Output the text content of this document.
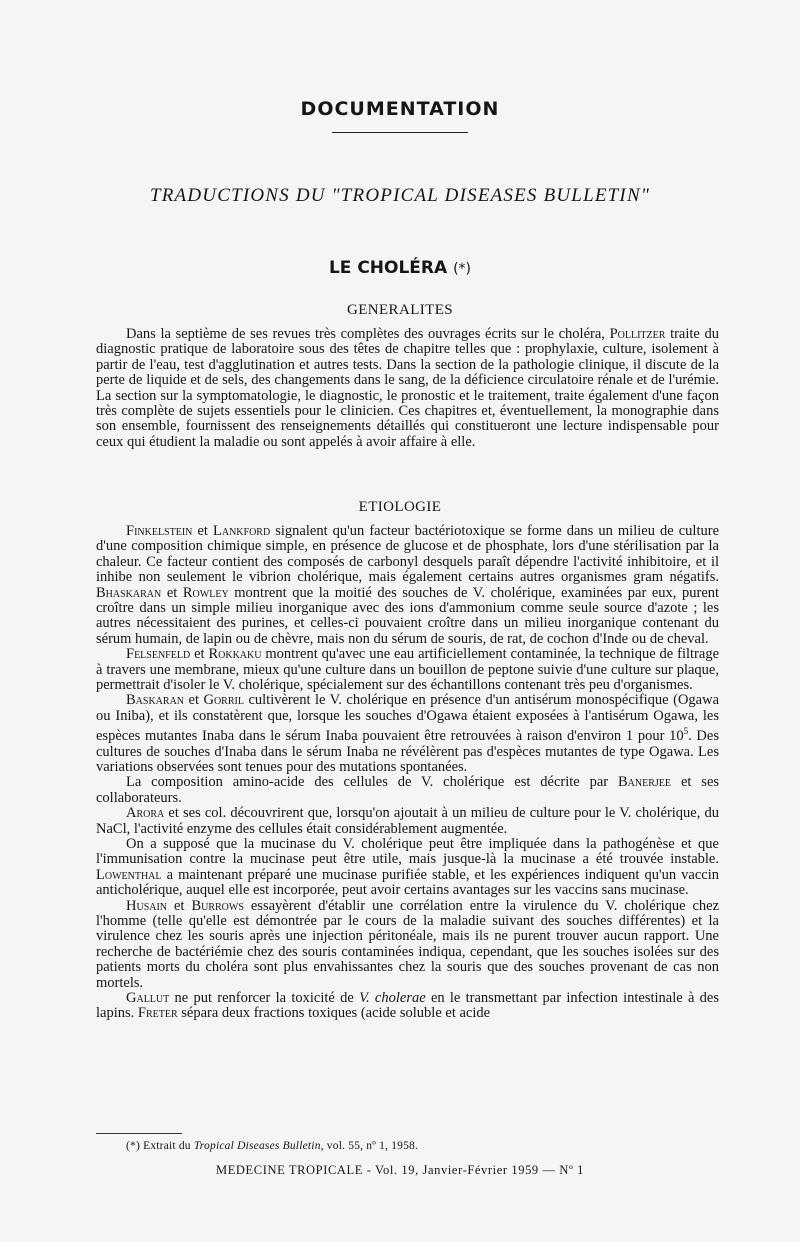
DOCUMENTATION
TRADUCTIONS DU "TROPICAL DISEASES BULLETIN"
LE CHOLÉRA (*)
GENERALITES

Dans la septième de ses revues très complètes des ouvrages écrits sur le choléra, Pollitzer traite du diagnostic pratique de laboratoire sous des têtes de chapitre telles que : prophylaxie, culture, isolement à partir de l'eau, test d'agglutination et autres tests. Dans la section de la pathologie clinique, il discute de la perte de liquide et de sels, des changements dans le sang, de la déficience circulatoire rénale et de l'urémie. La section sur la symptomatologie, le diagnostic, le pronostic et le traitement, traite également d'une façon très complète de sujets essentiels pour le clinicien. Ces chapitres et, éventuellement, la monographie dans son ensemble, fournissent des renseignements détaillés qui constitueront une lecture indispensable pour ceux qui étudient la maladie ou sont appelés à avoir affaire à elle.

ETIOLOGIE

Finkelstein et Lankford signalent qu'un facteur bactériotoxique se forme dans un milieu de culture d'une composition chimique simple, en présence de glucose et de phosphate, lors d'une stérilisation par la chaleur. Ce facteur contient des composés de carbonyl desquels paraît dépendre l'activité inhibitoire, et il inhibe non seulement le vibrion cholérique, mais également certains autres organismes gram négatifs. Bhaskaran et Rowley montrent que la moitié des souches de V. cholérique, examinées par eux, purent croître dans un simple milieu inorganique avec des ions d'ammonium comme seule source d'azote ; les autres nécessitaient des purines, et celles-ci pouvaient croître dans un milieu inorganique contenant du sérum humain, de lapin ou de chèvre, mais non du sérum de souris, de rat, de cochon d'Inde ou de cheval.

Felsenfeld et Rokkaku montrent qu'avec une eau artificiellement contaminée, la technique de filtrage à travers une membrane, mieux qu'une culture dans un bouillon de peptone suivie d'une culture sur plaque, permettrait d'isoler le V. cholérique, spécialement sur des échantillons contenant très peu d'organismes.

Baskaran et Gorril cultivèrent le V. cholérique en présence d'un antisérum monospécifique (Ogawa ou Iniba), et ils constatèrent que, lorsque les souches d'Ogawa étaient exposées à l'antisérum Ogawa, les espèces mutantes Inaba dans le sérum Inaba pouvaient être retrouvées à raison d'environ 1 pour $10^5$. Des cultures de souches d'Inaba dans le sérum Inaba ne révélèrent pas d'espèces mutantes de type Ogawa. Les variations observées sont tenues pour des mutations spontanées.

La composition amino-acide des cellules de V. cholérique est décrite par Banerjee et ses collaborateurs.

Arora et ses col. découvrirent que, lorsqu'on ajoutait à un milieu de culture pour le V. cholérique, du NaCl, l'activité enzyme des cellules était considérablement augmentée.

On a supposé que la mucinase du V. cholérique peut être impliquée dans la pathogénèse et que l'immunisation contre la mucinase peut être utile, mais jusque-là la mucinase a été trouvée instable. Lowenthal a maintenant préparé une mucinase purifiée stable, et les expériences indiquent qu'un vaccin anticholérique, auquel elle est incorporée, peut avoir certains avantages sur les vaccins sans mucinase.

Husain et Burrows essayèrent d'établir une corrélation entre la virulence du V. cholérique chez l'homme (telle qu'elle est démontrée par le cours de la maladie suivant des souches différentes) et la virulence chez les souris après une injection péritonéale, mais ils ne purent trouver aucun rapport. Une recherche de bactériémie chez des souris contaminées indiqua, cependant, que les souches isolées sur des patients morts du choléra sont plus envahissantes chez la souris que des souches provenant de cas non mortels.

Gallut ne put renforcer la toxicité de V. cholerae en le transmettant par infection intestinale à des lapins. Freter sépara deux fractions toxiques (acide soluble et acide

(*) Extrait du Tropical Diseases Bulletin, vol. 55, nº 1, 1958.
MEDECINE TROPICALE - Vol. 19, Janvier-Février 1959 — Nº 1
